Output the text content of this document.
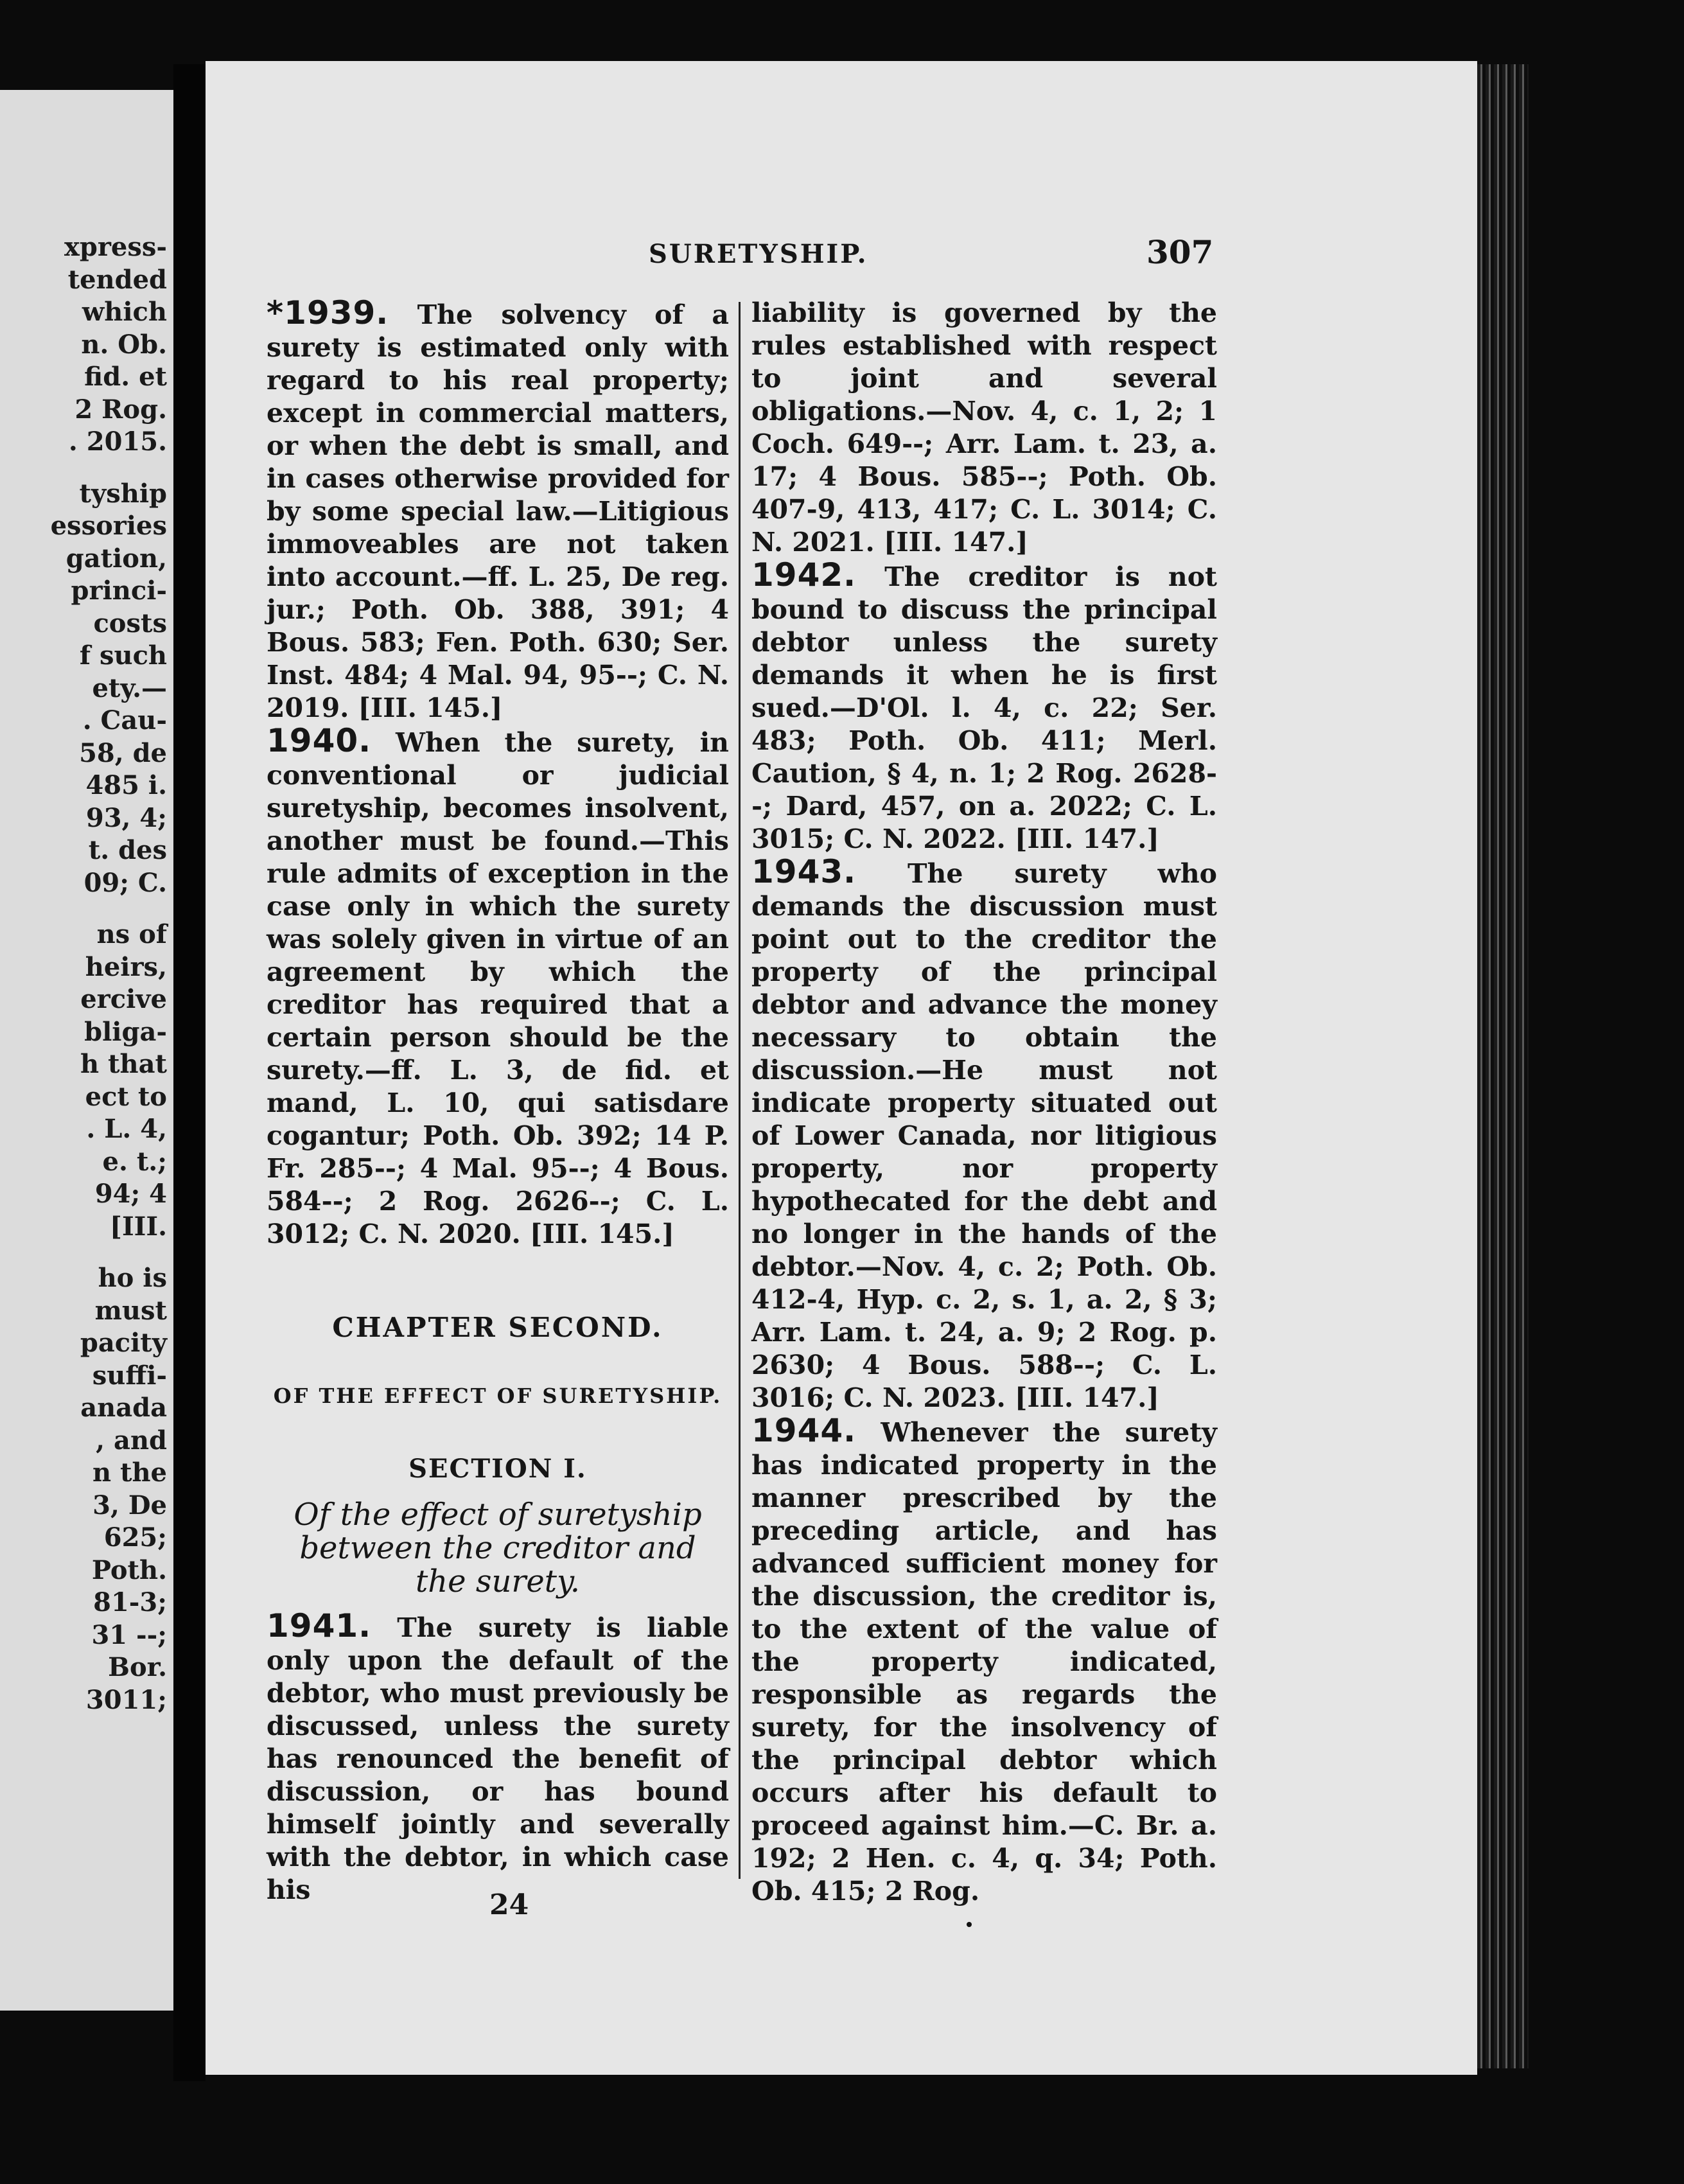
xpress-
tended
which
n. Ob.
fid. et
2 Rog.
. 2015.
tyship
essories
gation,
princi-
costs
f such
ety.—
. Cau-
58, de
485 i.
93, 4;
t. des
09; C.
ns of
heirs,
ercive
bliga-
h that
ect to
. L. 4,
e. t.;
94; 4
[III.
ho is
must
pacity
suffi-
anada
, and
n the
3, De
625;
Poth.
81-3;
31 --;
Bor.
3011;
SURETYSHIP.	307

*1939. The solvency of a surety is estimated only with regard to his real property; except in commercial matters, or when the debt is small, and in cases otherwise provided for by some special law.—Litigious immoveables are not taken into account.—ff. L. 25, De reg. jur.; Poth. Ob. 388, 391; 4 Bous. 583; Fen. Poth. 630; Ser. Inst. 484; 4 Mal. 94, 95--; C. N. 2019. [III. 145.]

1940. When the surety, in conventional or judicial suretyship, becomes insolvent, another must be found.—This rule admits of exception in the case only in which the surety was solely given in virtue of an agreement by which the creditor has required that a certain person should be the surety.—ff. L. 3, de fid. et mand, L. 10, qui satisdare cogantur; Poth. Ob. 392; 14 P. Fr. 285--; 4 Mal. 95--; 4 Bous. 584--; 2 Rog. 2626--; C. L. 3012; C. N. 2020. [III. 145.]

CHAPTER SECOND.

OF THE EFFECT OF SURETYSHIP.

SECTION I.

Of the effect of suretyship
between the creditor and
the surety.

1941. The surety is liable only upon the default of the debtor, who must previously be discussed, unless the surety has renounced the benefit of discussion, or has bound himself jointly and severally with the debtor, in which case his

liability is governed by the rules established with respect to joint and several obligations.—Nov. 4, c. 1, 2; 1 Coch. 649--; Arr. Lam. t. 23, a. 17; 4 Bous. 585--; Poth. Ob. 407-9, 413, 417; C. L. 3014; C. N. 2021. [III. 147.]

1942. The creditor is not bound to discuss the principal debtor unless the surety demands it when he is first sued.—D'Ol. l. 4, c. 22; Ser. 483; Poth. Ob. 411; Merl. Caution, § 4, n. 1; 2 Rog. 2628--; Dard, 457, on a. 2022; C. L. 3015; C. N. 2022. [III. 147.]

1943. The surety who demands the discussion must point out to the creditor the property of the principal debtor and advance the money necessary to obtain the discussion.—He must not indicate property situated out of Lower Canada, nor litigious property, nor property hypothecated for the debt and no longer in the hands of the debtor.—Nov. 4, c. 2; Poth. Ob. 412-4, Hyp. c. 2, s. 1, a. 2, § 3; Arr. Lam. t. 24, a. 9; 2 Rog. p. 2630; 4 Bous. 588--; C. L. 3016; C. N. 2023. [III. 147.]

1944. Whenever the surety has indicated property in the manner prescribed by the preceding article, and has advanced sufficient money for the discussion, the creditor is, to the extent of the value of the property indicated, responsible as regards the surety, for the insolvency of the principal debtor which occurs after his default to proceed against him.—C. Br. a. 192; 2 Hen. c. 4, q. 34; Poth. Ob. 415; 2 Rog.

24
